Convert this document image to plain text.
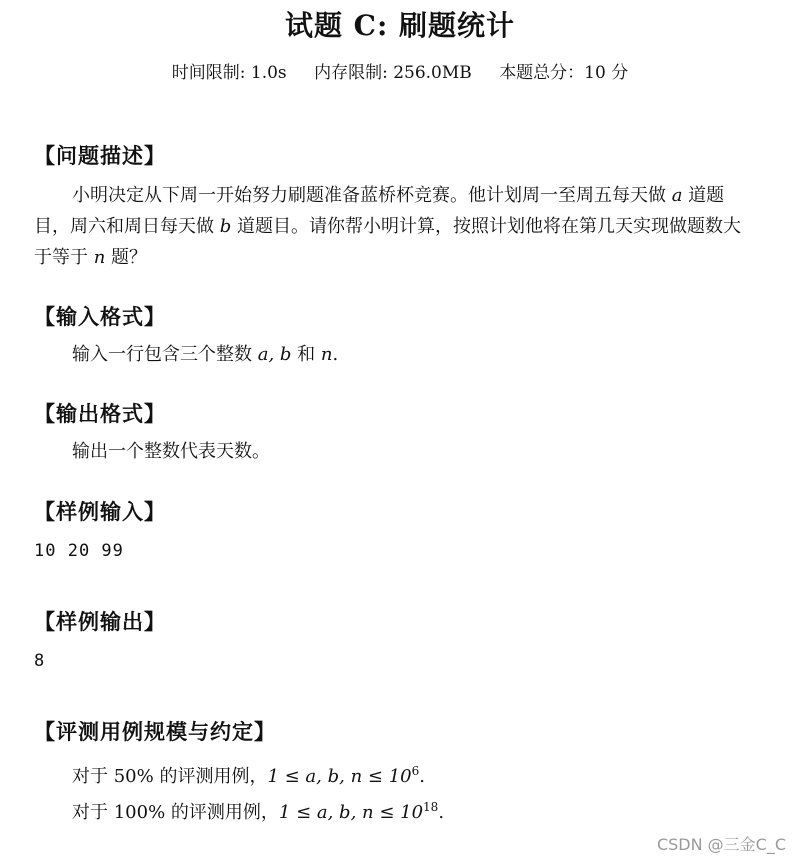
试题 C: 刷题统计
时间限制: 1.0s 内存限制: 256.0MB 本题总分：10 分
【问题描述】
小明决定从下周一开始努力刷题准备蓝桥杯竞赛。他计划周一至周五每天做 a 道题目，周六和周日每天做 b 道题目。请你帮小明计算，按照计划他将在第几天实现做题数大于等于 n 题？
【输入格式】
输入一行包含三个整数 a, b 和 n.
【输出格式】
输出一个整数代表天数。
【样例输入】
10 20 99
【样例输出】
8
【评测用例规模与约定】
对于 50% 的评测用例，1 ≤ a, b, $n \le 10^6$.
对于 100% 的评测用例，1 ≤ a, b, $n \le 10^{18}$.
CSDN @三金C_C
